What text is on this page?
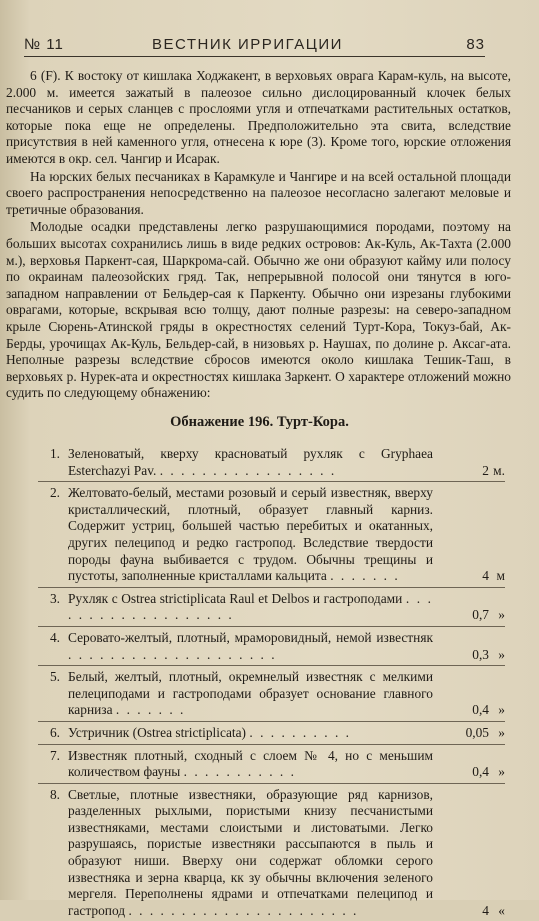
№ 11	ВЕСТНИК ИРРИГАЦИИ	83

6 (F). К востоку от кишлака Ходжакент, в верховьях оврага Карам-куль, на высоте, 2.000 м. имеется зажатый в палеозое сильно дислоцированный клочек белых песчаников и серых сланцев с прослоями угля и отпечатками растительных остатков, которые пока еще не определены. Предположительно эта свита, вследствие присутствия в ней каменного угля, отнесена к юре (3). Кроме того, юрские отложения имеются в окр. сел. Чангир и Исарак.

На юрских белых песчаниках в Карамкуле и Чангире и на всей остальной площади своего распространения непосредственно на палеозое несогласно залегают меловые и третичные образования.

Молодые осадки представлены легко разрушающимися породами, поэтому на больших высотах сохранились лишь в виде редких островов: Ак-Куль, Ак-Тахта (2.000 м.), верховья Паркент-сая, Шаркрома-сай. Обычно же они образуют кайму или полосу по окраинам палеозойских гряд. Так, непрерывной полосой они тянутся в юго-западном направлении от Бельдер-сая к Паркенту. Обычно они изрезаны глубокими оврагами, которые, вскрывая всю толщу, дают полные разрезы: на северо-западном крыле Сюрень-Атинской гряды в окрестностях селений Турт-Кора, Токуз-бай, Ак-Берды, урочищах Ак-Куль, Бельдер-сай, в низовьях р. Наушах, по долине р. Аксаг-ата. Неполные разрезы вследствие сбросов имеются около кишлака Тешик-Таш, в верховьях р. Нурек-ата и окрестностях кишлака Заркент. О характере отложений можно судить по следующему обнажению:

Обнажение 196. Турт-Кора.
1. Зеленоватый, кверху красноватый рухляк с Gryphaea Esterchazyi Pav. . . . . . . . . . . . . . . . . .	2 м.
2. Желтовато-белый, местами розовый и серый известняк, вверху кристаллический, плотный, образует главный карниз. Содержит устриц, большей частью перебитых и окатанных, других пелеципод и редко гастропод. Вследствие твердости породы фауна выбивается с трудом. Обычны трещины и пустоты, заполненные кристаллами кальцита . . . . . . .	4 м
3. Рухляк с Ostrea strictiplicata Raul et Delbos и гастроподами . . . . . . . . . . . . . . . . . . .	0,7 »
4. Серовато-желтый, плотный, мраморовидный, немой известняк . . . . . . . . . . . . . . . . . . . .	0,3 »
5. Белый, желтый, плотный, окремнелый известняк с мелкими пелециподами и гастроподами образует основание главного карниза . . . . . . .	0,4 »
6. Устричник (Ostrea strictiplicata) . . . . . . . . . .	0,05 »
7. Известняк плотный, сходный с слоем № 4, но с меньшим количеством фауны . . . . . . . . . . .	0,4 »
8. Светлые, плотные известняки, образующие ряд карнизов, разделенных рыхлыми, пористыми книзу песчанистыми известняками, местами слоистыми и листоватыми. Легко разрушаясь, пористые известняки рассыпаются в пыль и образуют ниши. Вверху они содержат обломки серого известняка и зерна кварца, кк зу обычны включения зеленого мергеля. Переполнены ядрами и отпечатками пелеципод и гастропод . . . . . . . . . . . . . . . . . . . . . .	4 «
